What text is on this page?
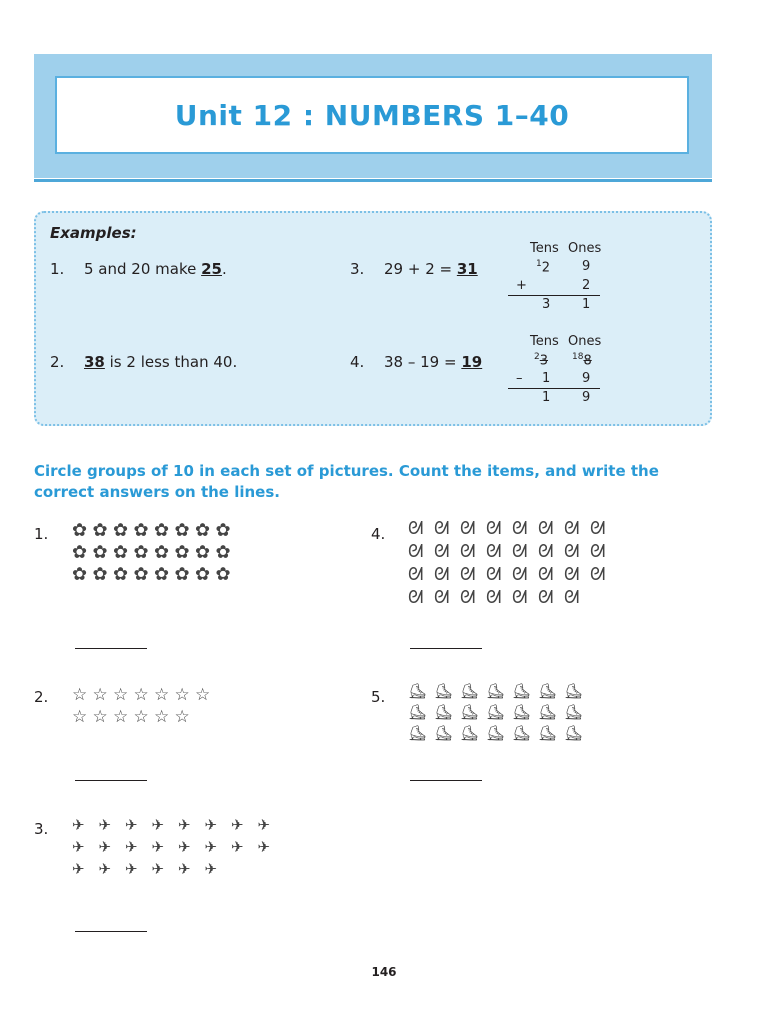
Unit 12 : NUMBERS 1–40
Examples:
1. 5 and 20 make 25.
2. 38 is 2 less than 40.
3. 29 + 2 = 31
4. 38 – 19 = 19
Tens Ones
$^1$2 9
+	2
3 1
Tens Ones
$^2$3	$^{18}$8
– 1 9
1 9
Circle groups of 10 in each set of pictures. Count the items, and write the correct answers on the lines.
1.
2.
3.
4.
5.
✿ ✿ ✿ ✿ ✿ ✿ ✿ ✿
✿ ✿ ✿ ✿ ✿ ✿ ✿ ✿
✿ ✿ ✿ ✿ ✿ ✿ ✿ ✿
☆ ☆ ☆ ☆ ☆ ☆ ☆
☆ ☆ ☆ ☆ ☆ ☆
✈ ✈ ✈ ✈ ✈ ✈ ✈ ✈
✈ ✈ ✈ ✈ ✈ ✈ ✈ ✈
✈ ✈ ✈ ✈ ✈ ✈
ᘛ ᘛ ᘛ ᘛ ᘛ ᘛ ᘛ ᘛ
ᘛ ᘛ ᘛ ᘛ ᘛ ᘛ ᘛ ᘛ
ᘛ ᘛ ᘛ ᘛ ᘛ ᘛ ᘛ ᘛ
ᘛ ᘛ ᘛ ᘛ ᘛ ᘛ ᘛ
⛸ ⛸ ⛸ ⛸ ⛸ ⛸ ⛸
⛸ ⛸ ⛸ ⛸ ⛸ ⛸ ⛸
⛸ ⛸ ⛸ ⛸ ⛸ ⛸ ⛸
146
